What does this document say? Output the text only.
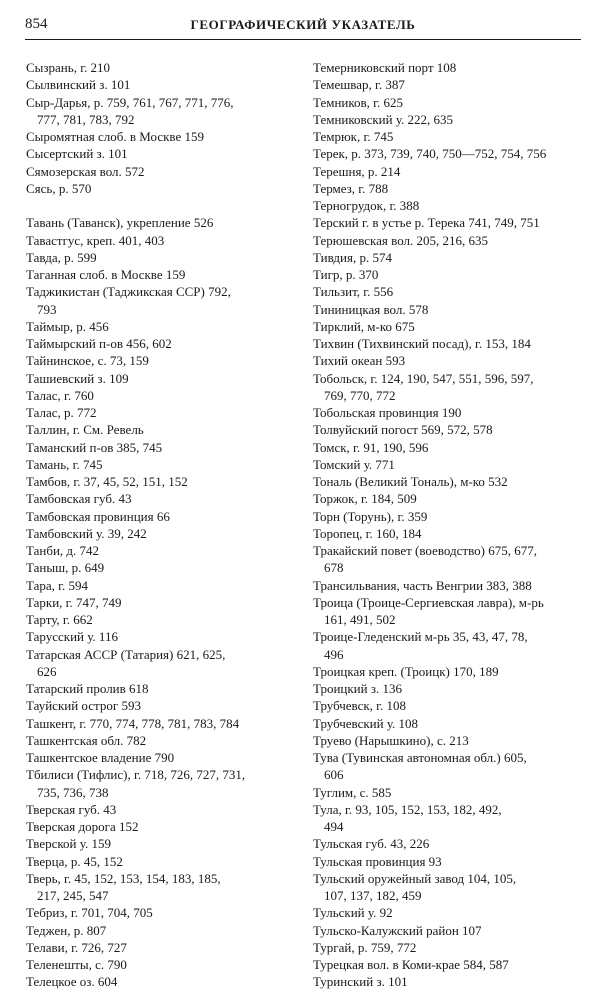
854	ГЕОГРАФИЧЕСКИЙ УКАЗАТЕЛЬ
Сызрань, г. 210
Сылвинский з. 101
Сыр-Дарья, р. 759, 761, 767, 771, 776,
777, 781, 783, 792
Сыромятная слоб. в Москве 159
Сысертский з. 101
Сямозерская вол. 572
Сясь, р. 570
Тавань (Таванск), укрепление 526
Тавастгус, креп. 401, 403
Тавда, р. 599
Таганная слоб. в Москве 159
Таджикистан (Таджикская ССР) 792,
793
Таймыр, р. 456
Таймырский п-ов 456, 602
Тайнинское, с. 73, 159
Ташиевский з. 109
Талас, г. 760
Талас, р. 772
Таллин, г. См. Ревель
Таманский п-ов 385, 745
Тамань, г. 745
Тамбов, г. 37, 45, 52, 151, 152
Тамбовская губ. 43
Тамбовская провинция 66
Тамбовский у. 39, 242
Танби, д. 742
Таныш, р. 649
Тара, г. 594
Тарки, г. 747, 749
Тарту, г. 662
Тарусский у. 116
Татарская АССР (Татария) 621, 625,
626
Татарский пролив 618
Тауйский острог 593
Ташкент, г. 770, 774, 778, 781, 783, 784
Ташкентская обл. 782
Ташкентское владение 790
Тбилиси (Тифлис), г. 718, 726, 727, 731,
735, 736, 738
Тверская губ. 43
Тверская дорога 152
Тверской у. 159
Тверца, р. 45, 152
Тверь, г. 45, 152, 153, 154, 183, 185,
217, 245, 547
Тебриз, г. 701, 704, 705
Теджен, р. 807
Телави, г. 726, 727
Теленешты, с. 790
Телецкое оз. 604
Темерниковский порт 108
Темешвар, г. 387
Темников, г. 625
Темниковский у. 222, 635
Темрюк, г. 745
Терек, р. 373, 739, 740, 750—752, 754, 756
Терешня, р. 214
Термез, г. 788
Терногрудок, г. 388
Терский г. в устье р. Терека 741, 749, 751
Терюшевская вол. 205, 216, 635
Тивдия, р. 574
Тигр, р. 370
Тильзит, г. 556
Тининицкая вол. 578
Тирклий, м-ко 675
Тихвин (Тихвинский посад), г. 153, 184
Тихий океан 593
Тобольск, г. 124, 190, 547, 551, 596, 597,
769, 770, 772
Тобольская провинция 190
Толвуйский погост 569, 572, 578
Томск, г. 91, 190, 596
Томский у. 771
Тональ (Великий Тональ), м-ко 532
Торжок, г. 184, 509
Торн (Торунь), г. 359
Торопец, г. 160, 184
Тракайский повет (воеводство) 675, 677,
678
Трансильвания, часть Венгрии 383, 388
Троица (Троице-Сергиевская лавра), м-рь
161, 491, 502
Троице-Гледенский м-рь 35, 43, 47, 78,
496
Троицкая креп. (Троицк) 170, 189
Троицкий з. 136
Трубчевск, г. 108
Трубчевский у. 108
Труево (Нарышкино), с. 213
Тува (Тувинская автономная обл.) 605,
606
Туглим, с. 585
Тула, г. 93, 105, 152, 153, 182, 492,
494
Тульская губ. 43, 226
Тульская провинция 93
Тульский оружейный завод 104, 105,
107, 137, 182, 459
Тульский у. 92
Тульско-Калужский район 107
Тургай, р. 759, 772
Турецкая вол. в Коми-крае 584, 587
Туринский з. 101
